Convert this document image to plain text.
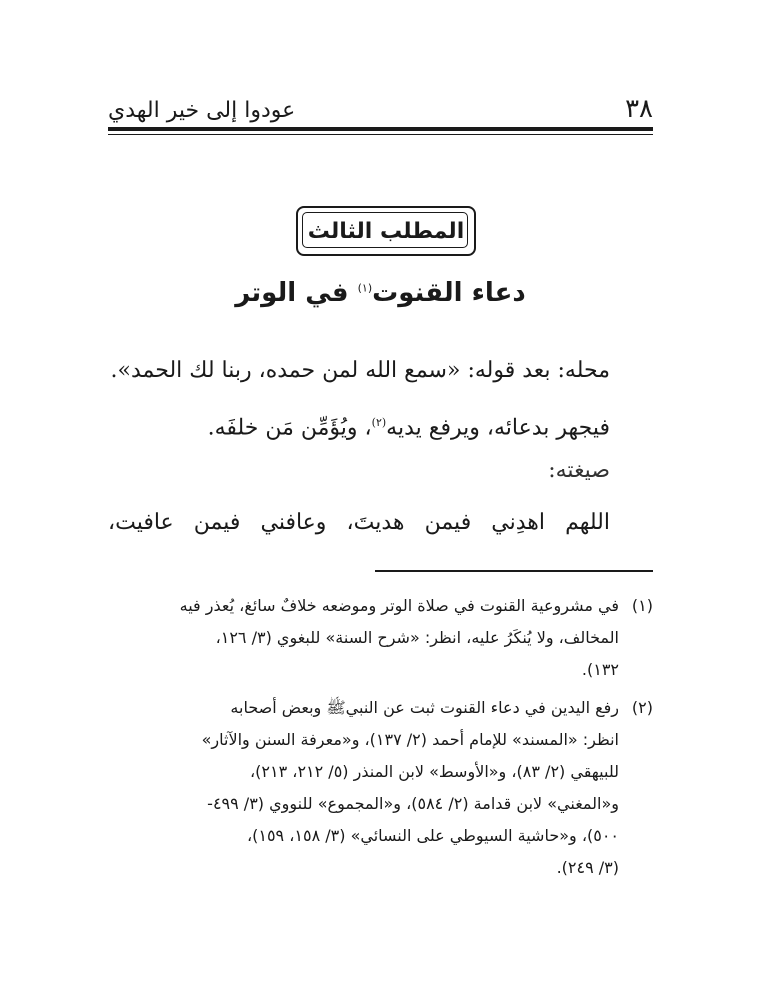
٣٨
عودوا إلى خير الهدي
المطلب الثالث
دعاء القنوت$^{(١)}$ في الوتر
محله: بعد قوله: «سمع الله لمن حمده، ربنا لك الحمد».
فيجهر بدعائه، ويرفع يديه$^{(٢)}$، ويُؤَمِّن مَن خلفَه.
صيغته:
اللهم اهدِني فيمن هديتَ، وعافني فيمن عافيت،
(١)
في مشروعية القنوت في صلاة الوتر وموضعه خلافٌ سائغ، يُعذر فيه
المخالف، ولا يُنكَرُ عليه، انظر: «شرح السنة» للبغوي (٣/ ١٢٦،
١٣٢).
(٢)
رفع اليدين في دعاء القنوت ثبت عن النبيﷺ وبعض أصحابه
انظر: «المسند» للإمام أحمد (٢/ ١٣٧)، و«معرفة السنن والآثار»
للبيهقي (٢/ ٨٣)، و«الأوسط» لابن المنذر (٥/ ٢١٢، ٢١٣)،
و«المغني» لابن قدامة (٢/ ٥٨٤)، و«المجموع» للنووي (٣/ ٤٩٩-
٥٠٠)، و«حاشية السيوطي على النسائي» (٣/ ١٥٨، ١٥٩)،
(٣/ ٢٤٩).
